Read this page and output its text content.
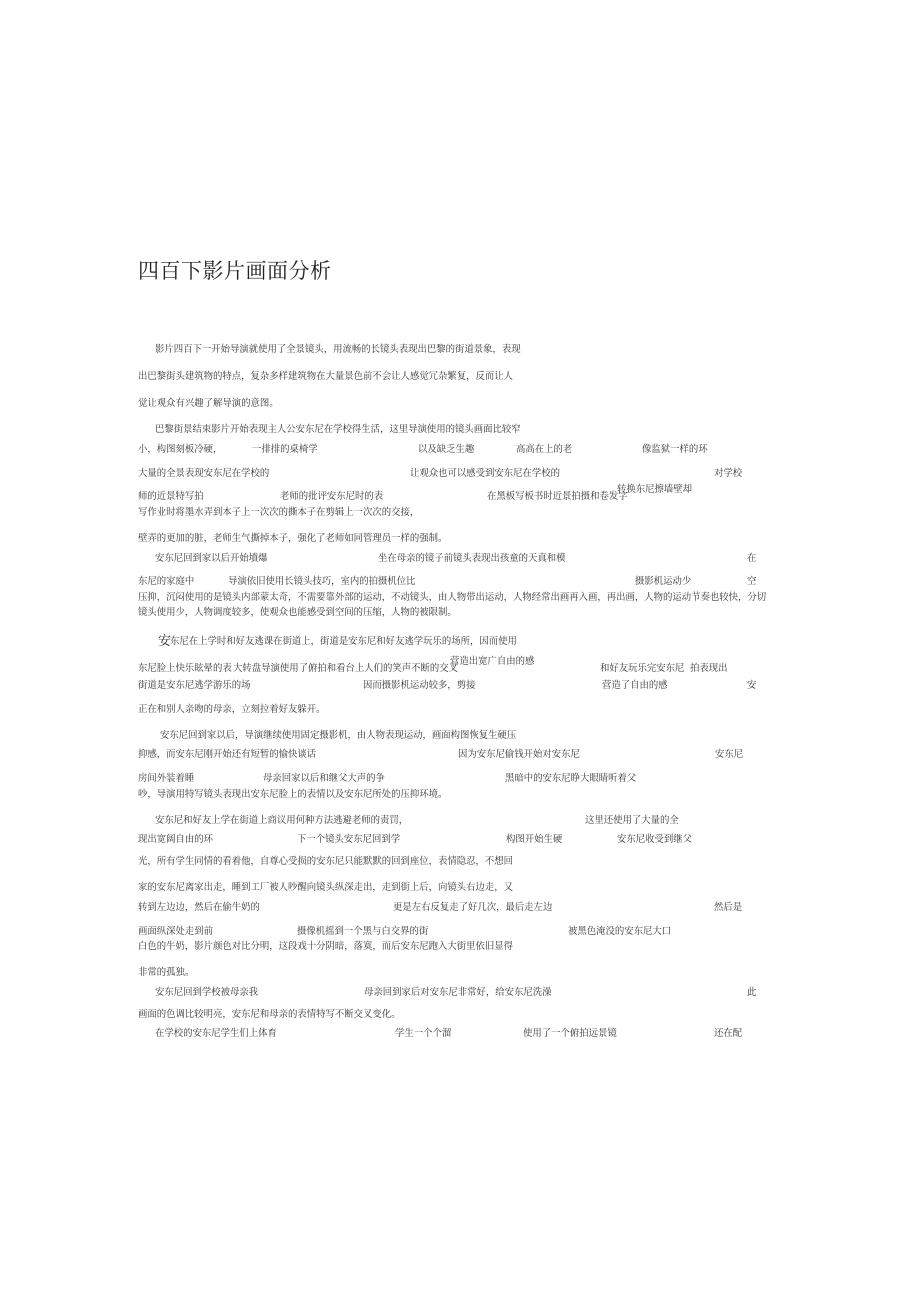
四百下影片画面分析
影片四百下一开始导演就使用了全景镜头，用流畅的长镜头表现出巴黎的街道景象，表现
出巴黎街头建筑物的特点，复杂多样建筑物在大量景色前不会让人感觉冗杂繁复，反而让人
觉让观众有兴趣了解导演的意图。
巴黎街景结束影片开始表现主人公安东尼在学校得生活，这里导演使用的镜头画面比较窄
小，构图刻板冷硬，	一排排的桌椅学	以及缺乏生趣	高高在上的老	像监狱一样的环
大量的全景表现安东尼在学校的	让观众也可以感受到安东尼在学校的	对学校
转换东尼擦墙壁却
师的近景特写拍	老师的批评安东尼时的表	在黑板写板书时近景拍摄和卷发字
写作业时将墨水弄到本子上一次次的撕本子在剪辑上一次次的交接，
壁弄的更加的脏，老师生气撕掉本子，强化了老师如同管理员一样的强制。
安东尼回到家以后开始墳爆	坐在母亲的镜子前镜头表现出孩童的天真和模	在
东尼的家庭中	导演依旧使用长镜头技巧，室内的拍摄机位比	摄影机运动少	空
压抑，沉闷使用的是镜头内部蒙太奇，不需要靠外部的运动，不动镜头，由人物带出运动，人物经常出画再入画，再出画，人物的运动节奏也较快，分切
镜头使用少，人物调度较多，使观众也能感受到空间的压缩，人物的被限制。
安
东尼在上学时和好友逃课在街道上，街道是安东尼和好友逃学玩乐的场所，因而使用
营造出宽广自由的感
东尼脸上快乐眩晕的表 大转盘导演使用了俯拍和看台上人们的笑声不断的交叉	和好友玩乐完安东尼 拍表现出
街道是安东尼逃学游乐的场	因而摄影机运动较多，剪接	营造了自由的感	安
正在和别人亲吻的母亲，立刻拉着好友躲开。
安东尼回到家以后，导演继续使用固定摄影机，由人物表现运动，画面构图恢复生硬压
抑感，而安东尼刚开始还有短暂的愉快谈话	因为安东尼偷钱开始对安东尼	安东尼
房间外装着睡	母亲回家以后和继父大声的争	黑暗中的安东尼睁大眼睛听着父
吵，导演用特写镜头表现出安东尼脸上的表情以及安东尼所处的压抑环境。
安东尼和好友上学在街道上商议用何种方法逃避老师的责罚，	这里还使用了大量的全
现出宽阔自由的环	下一个镜头安东尼回到学	构图开始生硬	安东尼收受到继父
光，所有学生同情的看着他，自尊心受损的安东尼只能默默的回到座位，表情隐忍，不想回
家的安东尼离家出走，睡到工厂被人吵醒向镜头纵深走出，走到街上后，向镜头右边走，又
转到左边边，然后在偷牛奶的	更是左右反复走了好几次，最后走左边	然后是
画面纵深处走到前	摄像机摇到一个黑与白交界的街	被黑色淹没的安东尼大口
白色的牛奶，影片颜色对比分明，这段戏十分阴暗，落寞，而后安东尼跑入大街里依旧显得
非常的孤独。
安东尼回到学校被母亲我	母亲回到家后对安东尼非常好，给安东尼洗澡	此
画面的色调比较明亮，安东尼和母亲的表情特写不断交叉变化。
在学校的安东尼学生们上体育	学生一个个溜	使用了一个俯拍远景镜	还在配
